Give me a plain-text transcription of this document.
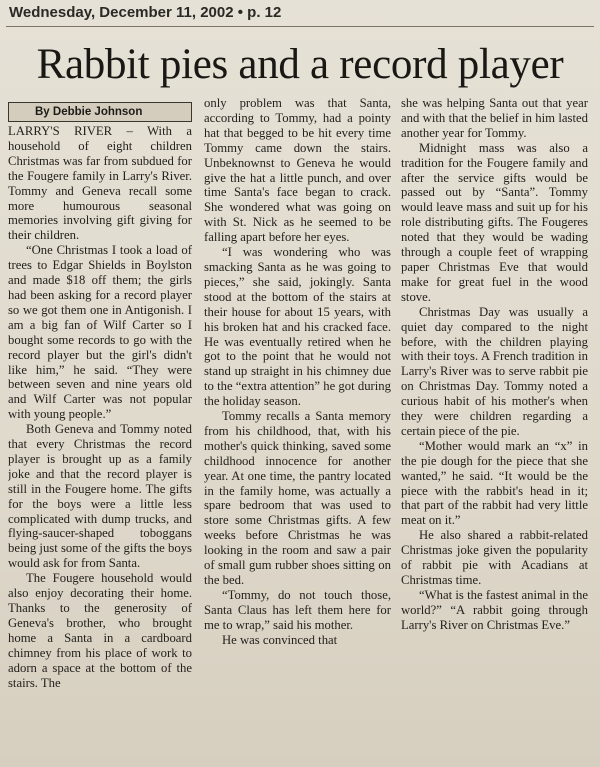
Wednesday, December 11, 2002 • p. 12
Rabbit pies and a record player
By Debbie Johnson

LARRY'S RIVER – With a household of eight children Christmas was far from subdued for the Fougere family in Larry's River. Tommy and Geneva recall some more humourous seasonal memories involving gift giving for their children.

“One Christmas I took a load of trees to Edgar Shields in Boylston and made $18 off them; the girls had been asking for a record player so we got them one in Antigonish. I am a big fan of Wilf Carter so I bought some records to go with the record player but the girl's didn't like him,” he said. “They were between seven and nine years old and Wilf Carter was not popular with young people.”

Both Geneva and Tommy noted that every Christmas the record player is brought up as a family joke and that the record player is still in the Fougere home. The gifts for the boys were a little less complicated with dump trucks, and flying-saucer-shaped toboggans being just some of the gifts the boys would ask for from Santa.

The Fougere household would also enjoy decorating their home. Thanks to the generosity of Geneva's brother, who brought home a Santa in a cardboard chimney from his place of work to adorn a space at the bottom of the stairs. The

only problem was that Santa, according to Tommy, had a pointy hat that begged to be hit every time Tommy came down the stairs. Unbeknownst to Geneva he would give the hat a little punch, and over time Santa's face began to crack. She wondered what was going on with St. Nick as he seemed to be falling apart before her eyes.

“I was wondering who was smacking Santa as he was going to pieces,” she said, jokingly. Santa stood at the bottom of the stairs at their house for about 15 years, with his broken hat and his cracked face. He was eventually retired when he got to the point that he would not stand up straight in his chimney due to the “extra attention” he got during the holiday season.

Tommy recalls a Santa memory from his childhood, that, with his mother's quick thinking, saved some childhood innocence for another year. At one time, the pantry located in the family home, was actually a spare bedroom that was used to store some Christmas gifts. A few weeks before Christmas he was looking in the room and saw a pair of small gum rubber shoes sitting on the bed.

“Tommy, do not touch those, Santa Claus has left them here for me to wrap,” said his mother.

He was convinced that

she was helping Santa out that year and with that the belief in him lasted another year for Tommy.

Midnight mass was also a tradition for the Fougere family and after the service gifts would be passed out by “Santa”. Tommy would leave mass and suit up for his role distributing gifts. The Fougeres noted that they would be wading through a couple feet of wrapping paper Christmas Eve that would make for great fuel in the wood stove.

Christmas Day was usually a quiet day compared to the night before, with the children playing with their toys. A French tradition in Larry's River was to serve rabbit pie on Christmas Day. Tommy noted a curious habit of his mother's when they were children regarding a certain piece of the pie.

“Mother would mark an “x” in the pie dough for the piece that she wanted,” he said. “It would be the piece with the rabbit's head in it; that part of the rabbit had very little meat on it.”

He also shared a rabbit-related Christmas joke given the popularity of rabbit pie with Acadians at Christmas time.

“What is the fastest animal in the world?” “A rabbit going through Larry's River on Christmas Eve.”
